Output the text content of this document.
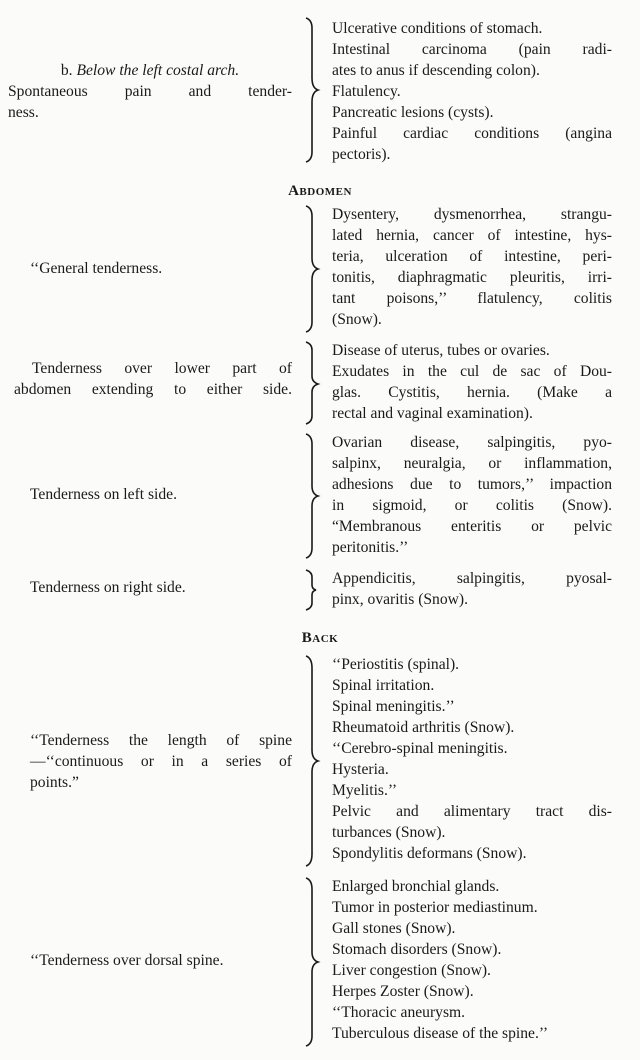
b. Below the left costal arch.

Spontaneous pain and tender-

ness.

Ulcerative conditions of stomach.

Intestinal carcinoma (pain radi-

ates to anus if descending colon).

Flatulency.

Pancreatic lesions (cysts).

Painful cardiac conditions (angina

pectoris).

Abdomen

‘‘General tenderness.

Dysentery, dysmenorrhea, strangu-

lated hernia, cancer of intestine, hys-

teria, ulceration of intestine, peri-

tonitis, diaphragmatic pleuritis, irri-

tant poisons,’’ flatulency, colitis

(Snow).

Tenderness over lower part of

abdomen extending to either side.

Disease of uterus, tubes or ovaries.

Exudates in the cul de sac of Dou-

glas. Cystitis, hernia. (Make a

rectal and vaginal examination).

Tenderness on left side.

Ovarian disease, salpingitis, pyo-

salpinx, neuralgia, or inflammation,

adhesions due to tumors,’’ impaction

in sigmoid, or colitis (Snow).

“Membranous enteritis or pelvic

peritonitis.’’

Tenderness on right side.

Appendicitis, salpingitis, pyosal-

pinx, ovaritis (Snow).

Back

‘‘Tenderness the length of spine

—‘‘continuous or in a series of

points.”

‘‘Periostitis (spinal).

Spinal irritation.

Spinal meningitis.’’

Rheumatoid arthritis (Snow).

‘‘Cerebro-spinal meningitis.

Hysteria.

Myelitis.’’

Pelvic and alimentary tract dis-

turbances (Snow).

Spondylitis deformans (Snow).

‘‘Tenderness over dorsal spine.

Enlarged bronchial glands.

Tumor in posterior mediastinum.

Gall stones (Snow).

Stomach disorders (Snow).

Liver congestion (Snow).

Herpes Zoster (Snow).

‘‘Thoracic aneurysm.

Tuberculous disease of the spine.’’
